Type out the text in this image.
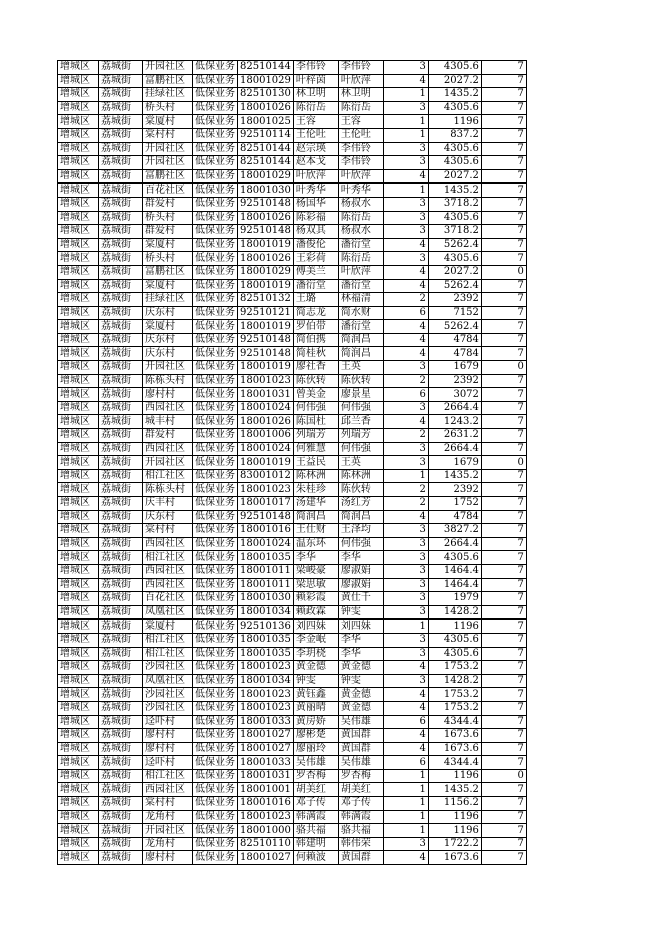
增城区	荔城街	开园社区	低保业务	82510144	李伟铃	李伟铃	3	4305.6	7
增城区	荔城街	富鹏社区	低保业务	18001029	叶梓茵	叶欣萍	4	2027.2	7
增城区	荔城街	挂绿社区	低保业务	82510130	林卫明	林卫明	1	1435.2	7
增城区	荔城街	桥头村	低保业务	18001026	陈衍岳	陈衍岳	3	4305.6	7
增城区	荔城街	棠厦村	低保业务	18001025	王容	王容	1	1196	7
增城区	荔城街	棠村村	低保业务	92510114	王伦吐	王伦吐	1	837.2	7
增城区	荔城街	开园社区	低保业务	82510144	赵宗瑛	李伟铃	3	4305.6	7
增城区	荔城街	开园社区	低保业务	82510144	赵本戈	李伟铃	3	4305.6	7
增城区	荔城街	富鹏社区	低保业务	18001029	叶欣萍	叶欣萍	4	2027.2	7
增城区	荔城街	百花社区	低保业务	18001030	叶秀华	叶秀华	1	1435.2	7
增城区	荔城街	群爱村	低保业务	92510148	杨国华	杨叔水	3	3718.2	7
增城区	荔城街	桥头村	低保业务	18001026	陈彩福	陈衍岳	3	4305.6	7
增城区	荔城街	群爱村	低保业务	92510148	杨双其	杨叔水	3	3718.2	7
增城区	荔城街	棠厦村	低保业务	18001019	潘俊伦	潘衍堂	4	5262.4	7
增城区	荔城街	桥头村	低保业务	18001026	王彩荷	陈衍岳	3	4305.6	7
增城区	荔城街	富鹏社区	低保业务	18001029	傅美兰	叶欣萍	4	2027.2	0
增城区	荔城街	棠厦村	低保业务	18001019	潘衍堂	潘衍堂	4	5262.4	7
增城区	荔城街	挂绿社区	低保业务	82510132	王璐	林福清	2	2392	7
增城区	荔城街	庆东村	低保业务	92510121	简志龙	简水财	6	7152	7
增城区	荔城街	棠厦村	低保业务	18001019	罗伯带	潘衍堂	4	5262.4	7
增城区	荔城街	庆东村	低保业务	92510148	简伯携	简润昌	4	4784	7
增城区	荔城街	庆东村	低保业务	92510148	简桂秋	简润昌	4	4784	7
增城区	荔城街	开园社区	低保业务	18001019	廖社香	王英	3	1679	0
增城区	荔城街	陈栋头村	低保业务	18001023	陈伙转	陈伙转	2	2392	7
增城区	荔城街	廖村村	低保业务	18001031	曾美金	廖景星	6	3072	7
增城区	荔城街	西园社区	低保业务	18001024	何伟强	何伟强	3	2664.4	7
增城区	荔城街	城丰村	低保业务	18001026	陈国杜	邱兰香	4	1243.2	7
增城区	荔城街	群爱村	低保业务	18001006	列瑞芳	列瑞芳	2	2631.2	7
增城区	荔城街	西园社区	低保业务	18001024	何雅慧	何伟强	3	2664.4	7
增城区	荔城街	开园社区	低保业务	18001019	王益民	王英	3	1679	0
增城区	荔城街	相江社区	低保业务	83001012	陈林洲	陈林洲	1	1435.2	7
增城区	荔城街	陈栋头村	低保业务	18001023	朱桂珍	陈伙转	2	2392	7
增城区	荔城街	庆丰村	低保业务	18001017	汤建华	汤红芳	2	1752	7
增城区	荔城街	庆东村	低保业务	92510148	简润昌	简润昌	4	4784	7
增城区	荔城街	棠村村	低保业务	18001016	王仕财	王泽均	3	3827.2	7
增城区	荔城街	西园社区	低保业务	18001024	温东环	何伟强	3	2664.4	7
增城区	荔城街	相江社区	低保业务	18001035	李华	李华	3	4305.6	7
增城区	荔城街	西园社区	低保业务	18001011	梁峻豪	廖淑娟	3	1464.4	7
增城区	荔城街	西园社区	低保业务	18001011	梁思敏	廖淑娟	3	1464.4	7
增城区	荔城街	百花社区	低保业务	18001030	赖彩霞	黄仕千	3	1979	7
增城区	荔城街	凤凰社区	低保业务	18001034	赖政霖	钟雯	3	1428.2	7
增城区	荔城街	棠厦村	低保业务	92510136	刘四妹	刘四妹	1	1196	7
增城区	荔城街	相江社区	低保业务	18001035	李金岷	李华	3	4305.6	7
增城区	荔城街	相江社区	低保业务	18001035	李玥桡	李华	3	4305.6	7
增城区	荔城街	沙园社区	低保业务	18001023	黄金德	黄金德	4	1753.2	7
增城区	荔城街	凤凰社区	低保业务	18001034	钟雯	钟雯	3	1428.2	7
增城区	荔城街	沙园社区	低保业务	18001023	黄钰鑫	黄金德	4	1753.2	7
增城区	荔城街	沙园社区	低保业务	18001023	黄丽晴	黄金德	4	1753.2	7
增城区	荔城街	迳吓村	低保业务	18001033	黄房娇	吴伟雄	6	4344.4	7
增城区	荔城街	廖村村	低保业务	18001027	廖彬楚	黄国群	4	1673.6	7
增城区	荔城街	廖村村	低保业务	18001027	廖丽玲	黄国群	4	1673.6	7
增城区	荔城街	迳吓村	低保业务	18001033	吴伟雄	吴伟雄	6	4344.4	7
增城区	荔城街	相江社区	低保业务	18001031	罗杏梅	罗杏梅	1	1196	0
增城区	荔城街	西园社区	低保业务	18001001	胡美红	胡美红	1	1435.2	7
增城区	荔城街	棠村村	低保业务	18001016	邓子传	邓子传	1	1156.2	7
增城区	荔城街	龙角村	低保业务	18001023	韩满霞	韩满霞	1	1196	7
增城区	荔城街	开园社区	低保业务	18001000	骆共福	骆共福	1	1196	7
增城区	荔城街	龙角村	低保业务	82510110	韩建明	韩伟荣	3	1722.2	7
增城区	荔城街	廖村村	低保业务	18001027	何赖波	黄国群	4	1673.6	7
